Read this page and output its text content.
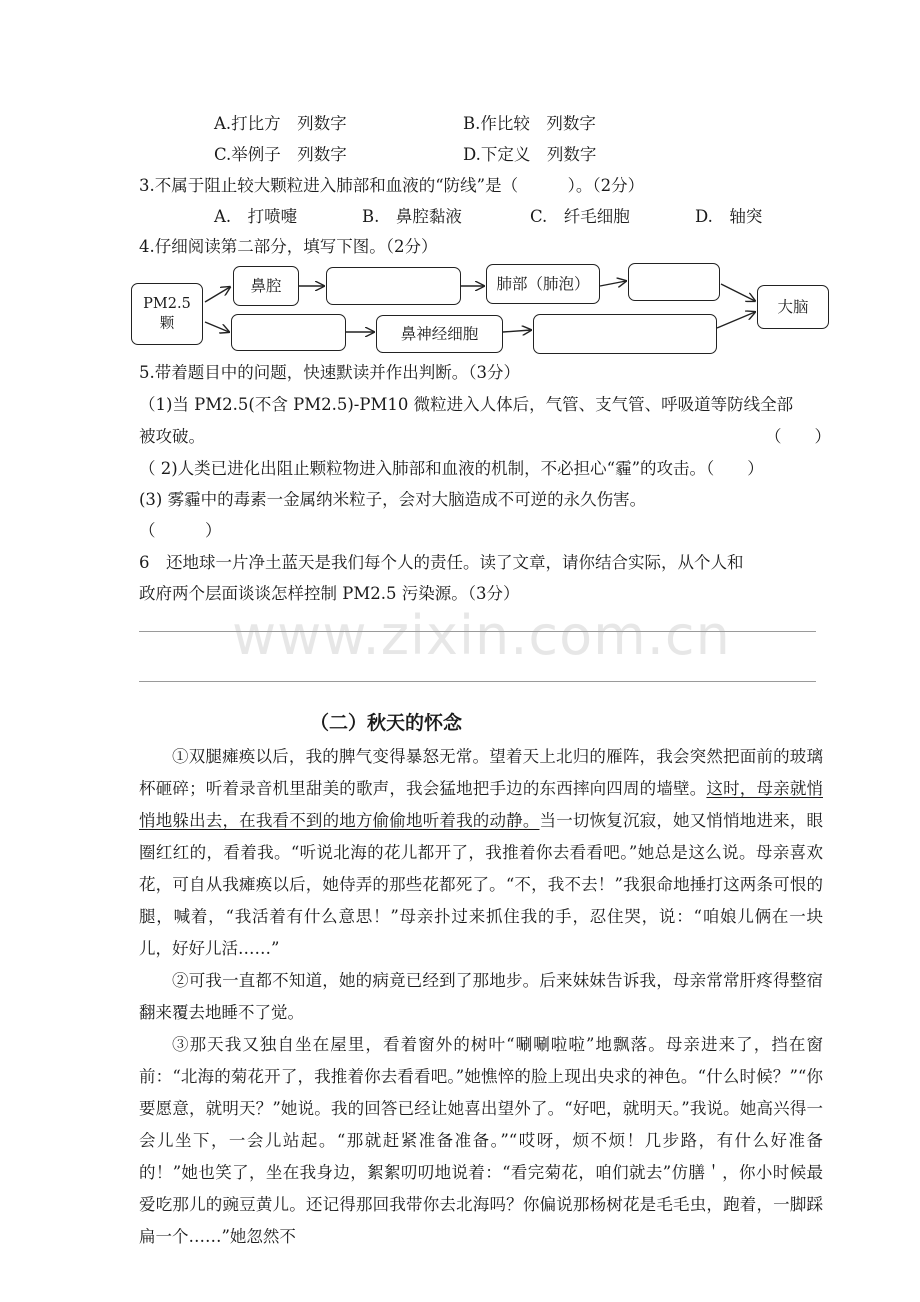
A.打比方　列数字	B.作比较　列数字
C.举例子　列数字	D.下定义　列数字
3.不属于阻止较大颗粒进入肺部和血液的“防线”是（　　　）。（2分）
A.　打喷嚏	B.　鼻腔黏液	C.　纤毛细胞	D.　轴突
4.仔细阅读第二部分，填写下图。（2分）
PM2.5颗
鼻腔	肺部（肺泡）
大脑
鼻神经细胞
5.带着题目中的问题，快速默读并作出判断。（3分）
（1)当 PM2.5(不含 PM2.5)-PM10 微粒进入人体后，气管、支气管、呼吸道等防线全部
被攻破。	（　　）
（ 2)人类已进化出阻止颗粒物进入肺部和血液的机制，不必担心“霾”的攻击。（　　）
(3) 雾霾中的毒素一金属纳米粒子，会对大脑造成不可逆的永久伤害。
（　　　）
6　还地球一片净土蓝天是我们每个人的责任。读了文章，请你结合实际，从个人和
政府两个层面谈谈怎样控制 PM2.5 污染源。（3分）
www.zixin.com.cn
（二）秋天的怀念

①双腿瘫痪以后，我的脾气变得暴怒无常。望着天上北归的雁阵，我会突然把面前的玻璃杯砸碎；听着录音机里甜美的歌声，我会猛地把手边的东西摔向四周的墙壁。这时，母亲就悄悄地躲出去，在我看不到的地方偷偷地听着我的动静。当一切恢复沉寂，她又悄悄地进来，眼圈红红的，看着我。“听说北海的花儿都开了，我推着你去看看吧。”她总是这么说。母亲喜欢花，可自从我瘫痪以后，她侍弄的那些花都死了。“不，我不去！”我狠命地捶打这两条可恨的腿，喊着，“我活着有什么意思！”母亲扑过来抓住我的手，忍住哭，说：“咱娘儿俩在一块儿，好好儿活……”

②可我一直都不知道，她的病竟已经到了那地步。后来妹妹告诉我，母亲常常肝疼得整宿翻来覆去地睡不了觉。

③那天我又独自坐在屋里，看着窗外的树叶“唰唰啦啦”地飘落。母亲进来了，挡在窗前：“北海的菊花开了，我推着你去看看吧。”她憔悴的脸上现出央求的神色。“什么时候？”“你要愿意，就明天？”她说。我的回答已经让她喜出望外了。“好吧，就明天。”我说。她高兴得一会儿坐下，一会儿站起。“那就赶紧准备准备。”“哎呀，烦不烦！几步路，有什么好准备的！”她也笑了，坐在我身边，絮絮叨叨地说着：“看完菊花，咱们就去”仿膳＇，你小时候最爱吃那儿的豌豆黄儿。还记得那回我带你去北海吗？你偏说那杨树花是毛毛虫，跑着，一脚踩扁一个……”她忽然不
